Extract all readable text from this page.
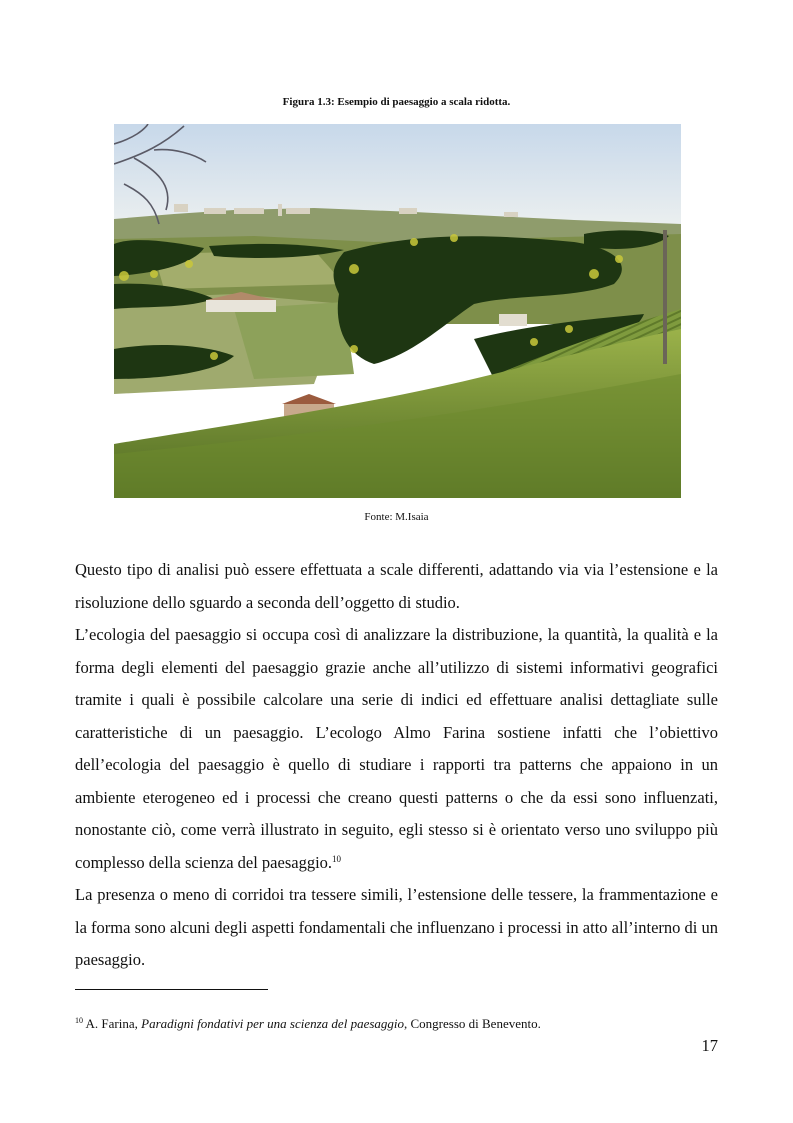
Figura 1.3: Esempio di paesaggio a scala ridotta.
Fonte: M.Isaia

Questo tipo di analisi può essere effettuata a scale differenti, adattando via via l’estensione e la risoluzione dello sguardo a seconda dell’oggetto di studio.

L’ecologia del paesaggio si occupa così di analizzare la distribuzione, la quantità, la qualità e la forma degli elementi del paesaggio grazie anche all’utilizzo di sistemi informativi geografici tramite i quali è possibile calcolare una serie di indici ed effettuare analisi dettagliate sulle caratteristiche di un paesaggio. L’ecologo Almo Farina sostiene infatti che l’obiettivo dell’ecologia del paesaggio è quello di studiare i rapporti tra patterns che appaiono in un ambiente eterogeneo ed i processi che creano questi patterns o che da essi sono influenzati, nonostante ciò, come verrà illustrato in seguito, egli stesso si è orientato verso uno sviluppo più complesso della scienza del paesaggio.$^{10}$

La presenza o meno di corridoi tra tessere simili, l’estensione delle tessere, la frammentazione e la forma sono alcuni degli aspetti fondamentali che influenzano i processi in atto all’interno di un paesaggio.

$^{10}$ A. Farina, Paradigni fondativi per una scienza del paesaggio, Congresso di Benevento.
17
